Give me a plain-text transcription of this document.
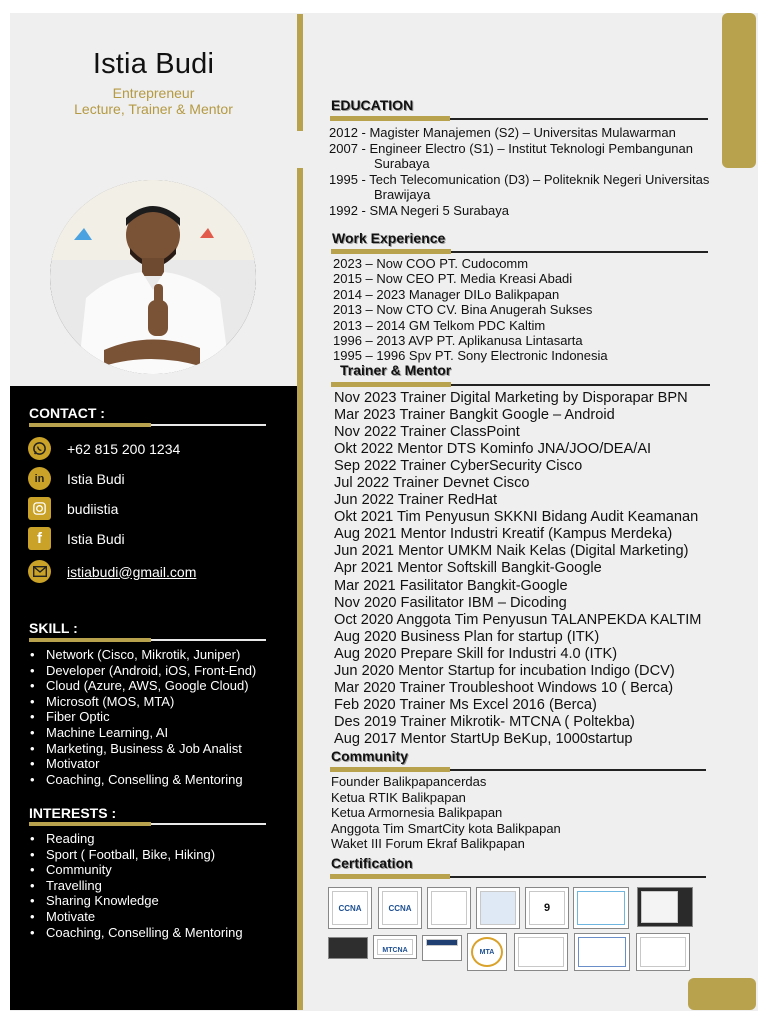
Istia Budi
Entrepreneur
Lecture, Trainer & Mentor
CONTACT :
+62 815 200 1234
in	Istia Budi
budiistia
f	Istia Budi
istiabudi@gmail.com
SKILL :
• Network (Cisco, Mikrotik, Juniper)
• Developer (Android, iOS, Front-End)
• Cloud (Azure, AWS, Google Cloud)
• Microsoft (MOS, MTA)
• Fiber Optic
• Machine Learning, AI
• Marketing, Business & Job Analist
• Motivator
• Coaching, Conselling & Mentoring
INTERESTS :
• Reading
• Sport ( Football, Bike, Hiking)
• Community
• Travelling
• Sharing Knowledge
• Motivate
• Coaching, Conselling & Mentoring
EDUCATION
2012 - Magister Manajemen (S2) – Universitas Mulawarman
2007 - Engineer Electro (S1) – Institut Teknologi Pembangunan
Surabaya
1995 - Tech Telecomunication (D3) – Politeknik Negeri Universitas
Brawijaya
1992 - SMA Negeri 5 Surabaya
Work Experience
2023 – Now COO PT. Cudocomm
2015 – Now CEO PT. Media Kreasi Abadi
2014 – 2023 Manager DILo Balikpapan
2013 – Now CTO CV. Bina Anugerah Sukses
2013 – 2014 GM Telkom PDC Kaltim
1996 – 2013 AVP PT. Aplikanusa Lintasarta
1995 – 1996 Spv PT. Sony Electronic Indonesia
Trainer & Mentor
Nov 2023 Trainer Digital Marketing by Disporapar BPN
Mar 2023 Trainer Bangkit Google – Android
Nov 2022 Trainer ClassPoint
Okt 2022 Mentor DTS Kominfo JNA/JOO/DEA/AI
Sep 2022 Trainer CyberSecurity Cisco
Jul 2022 Trainer Devnet Cisco
Jun 2022 Trainer RedHat
Okt 2021 Tim Penyusun SKKNI Bidang Audit Keamanan
Aug 2021 Mentor Industri Kreatif (Kampus Merdeka)
Jun 2021 Mentor UMKM Naik Kelas (Digital Marketing)
Apr 2021 Mentor Softskill Bangkit-Google
Mar 2021 Fasilitator Bangkit-Google
Nov 2020 Fasilitator IBM – Dicoding
Oct 2020 Anggota Tim Penyusun TALANPEKDA KALTIM
Aug 2020 Business Plan for startup (ITK)
Aug 2020 Prepare Skill for Industri 4.0 (ITK)
Jun 2020 Mentor Startup for incubation Indigo (DCV)
Mar 2020 Trainer Troubleshoot Windows 10 ( Berca)
Feb 2020 Trainer Ms Excel 2016 (Berca)
Des 2019 Trainer Mikrotik- MTCNA ( Poltekba)
Aug 2017 Mentor StartUp BeKup, 1000startup
Community
Founder Balikpapancerdas
Ketua RTIK Balikpapan
Ketua Armornesia Balikpapan
Anggota Tim SmartCity kota Balikpapan
Waket III Forum Ekraf Balikpapan
Certification
CCNA	CCNA	9
MTCNA	MTA
